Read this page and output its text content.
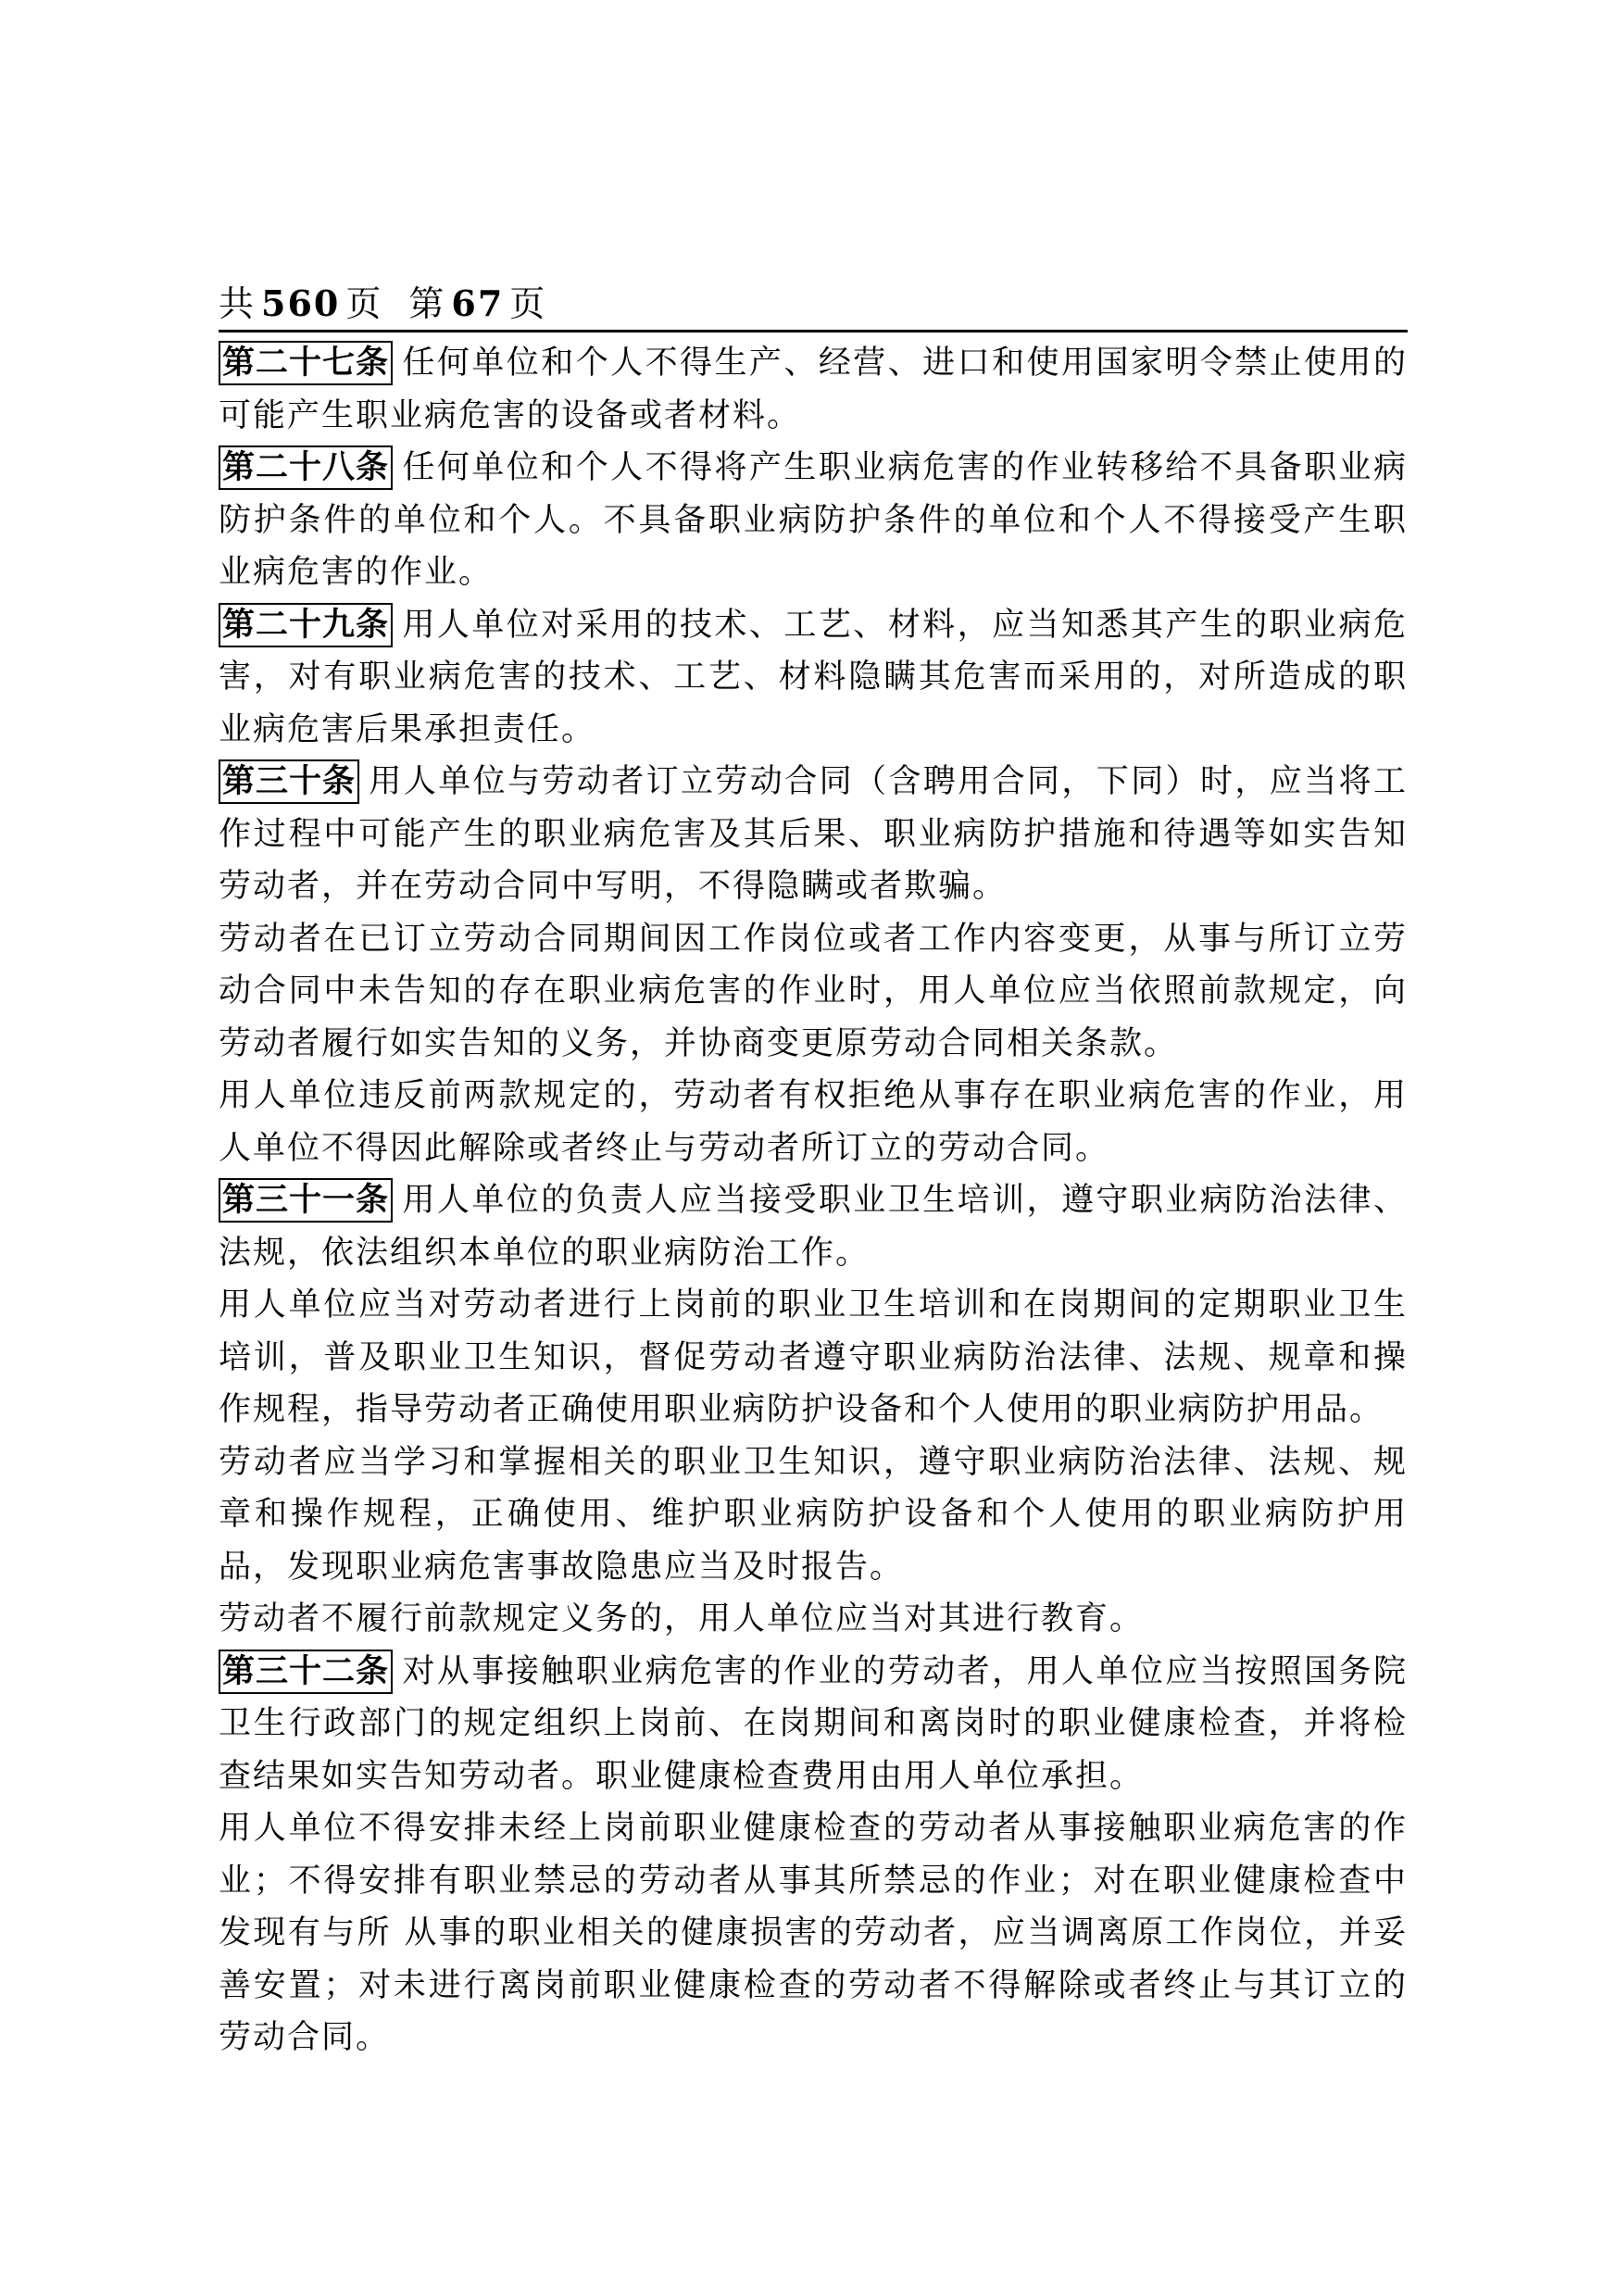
共 560 页 第 67 页

第二十七条 任何单位和个人不得生产、经营、进口和使用国家明令禁止使用的可能产生职业病危害的设备或者材料。

第二十八条 任何单位和个人不得将产生职业病危害的作业转移给不具备职业病防护条件的单位和个人。不具备职业病防护条件的单位和个人不得接受产生职业病危害的作业。

第二十九条 用人单位对采用的技术、工艺、材料，应当知悉其产生的职业病危害，对有职业病危害的技术、工艺、材料隐瞒其危害而采用的，对所造成的职业病危害后果承担责任。

第三十条 用人单位与劳动者订立劳动合同（含聘用合同，下同）时，应当将工作过程中可能产生的职业病危害及其后果、职业病防护措施和待遇等如实告知劳动者，并在劳动合同中写明，不得隐瞒或者欺骗。

劳动者在已订立劳动合同期间因工作岗位或者工作内容变更，从事与所订立劳动合同中未告知的存在职业病危害的作业时，用人单位应当依照前款规定，向劳动者履行如实告知的义务，并协商变更原劳动合同相关条款。

用人单位违反前两款规定的，劳动者有权拒绝从事存在职业病危害的作业，用人单位不得因此解除或者终止与劳动者所订立的劳动合同。

第三十一条 用人单位的负责人应当接受职业卫生培训，遵守职业病防治法律、法规，依法组织本单位的职业病防治工作。

用人单位应当对劳动者进行上岗前的职业卫生培训和在岗期间的定期职业卫生培训，普及职业卫生知识，督促劳动者遵守职业病防治法律、法规、规章和操作规程，指导劳动者正确使用职业病防护设备和个人使用的职业病防护用品。

劳动者应当学习和掌握相关的职业卫生知识，遵守职业病防治法律、法规、规章和操作规程，正确使用、维护职业病防护设备和个人使用的职业病防护用品，发现职业病危害事故隐患应当及时报告。

劳动者不履行前款规定义务的，用人单位应当对其进行教育。

第三十二条 对从事接触职业病危害的作业的劳动者，用人单位应当按照国务院卫生行政部门的规定组织上岗前、在岗期间和离岗时的职业健康检查，并将检查结果如实告知劳动者。职业健康检查费用由用人单位承担。

用人单位不得安排未经上岗前职业健康检查的劳动者从事接触职业病危害的作业；不得安排有职业禁忌的劳动者从事其所禁忌的作业；对在职业健康检查中发现有与所 从事的职业相关的健康损害的劳动者，应当调离原工作岗位，并妥善安置；对未进行离岗前职业健康检查的劳动者不得解除或者终止与其订立的劳动合同。
